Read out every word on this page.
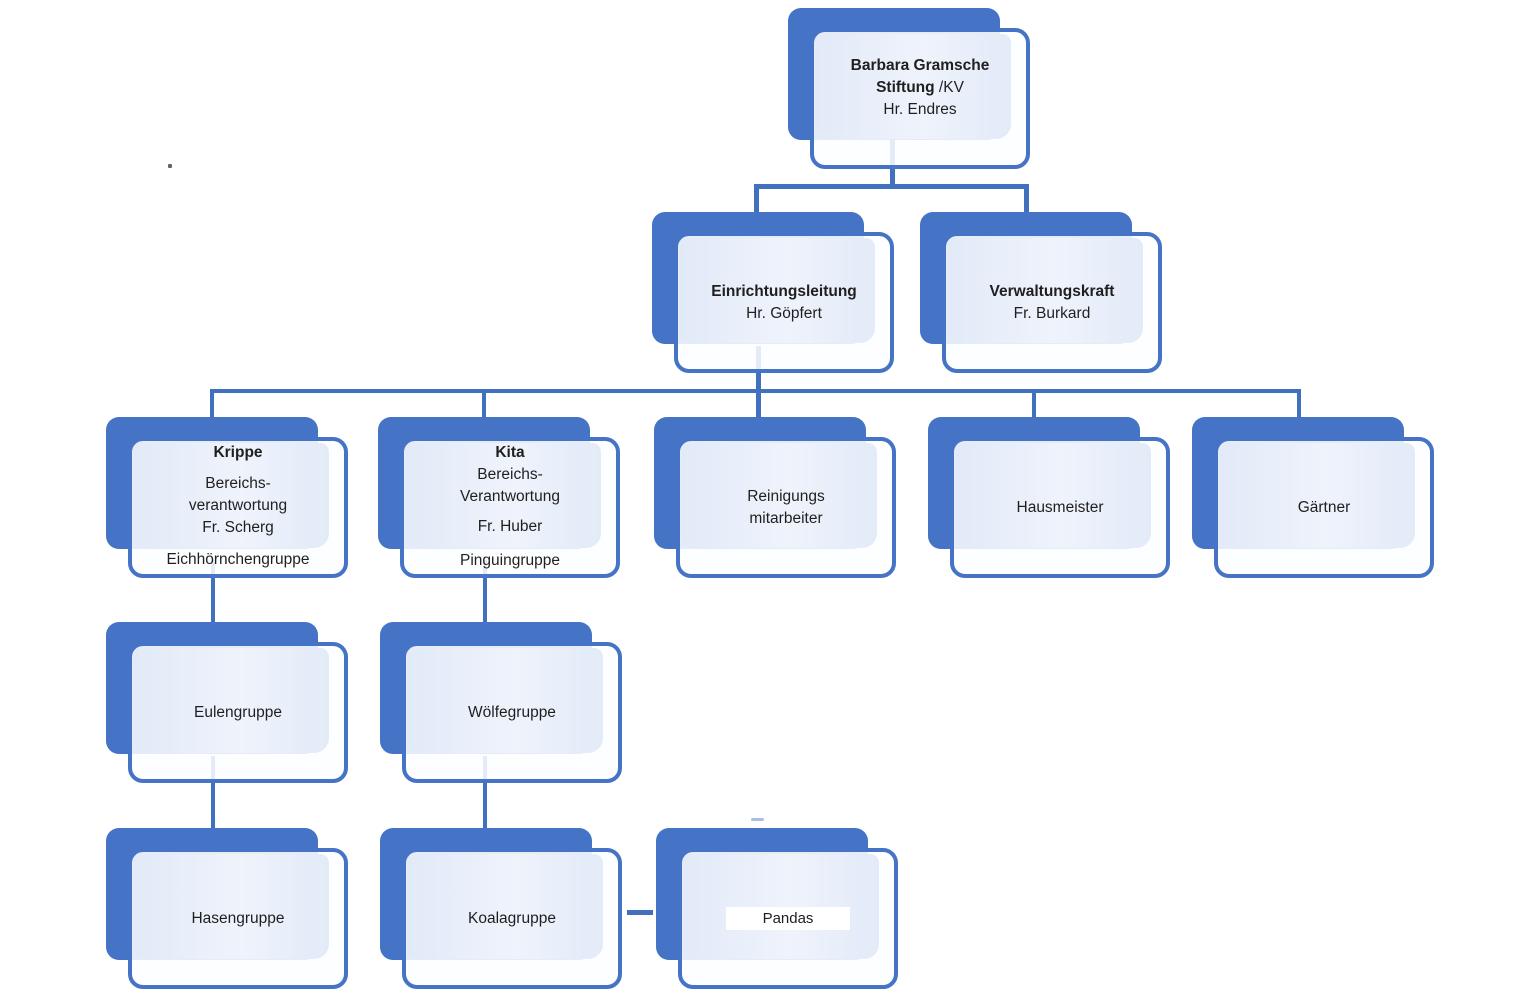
Barbara Gramsche
Stiftung /KV
Hr. Endres
Einrichtungsleitung
Hr. Göpfert
Verwaltungskraft
Fr. Burkard
Krippe
Bereichs-
verantwortung
Fr. Scherg
Eichhörnchengruppe
Kita
Bereichs-
Verantwortung
Fr. Huber
Pinguingruppe
Reinigungs
mitarbeiter
Hausmeister	Gärtner
Eulengruppe	Wölfegruppe
Hasengruppe	Koalagruppe	Pandas
